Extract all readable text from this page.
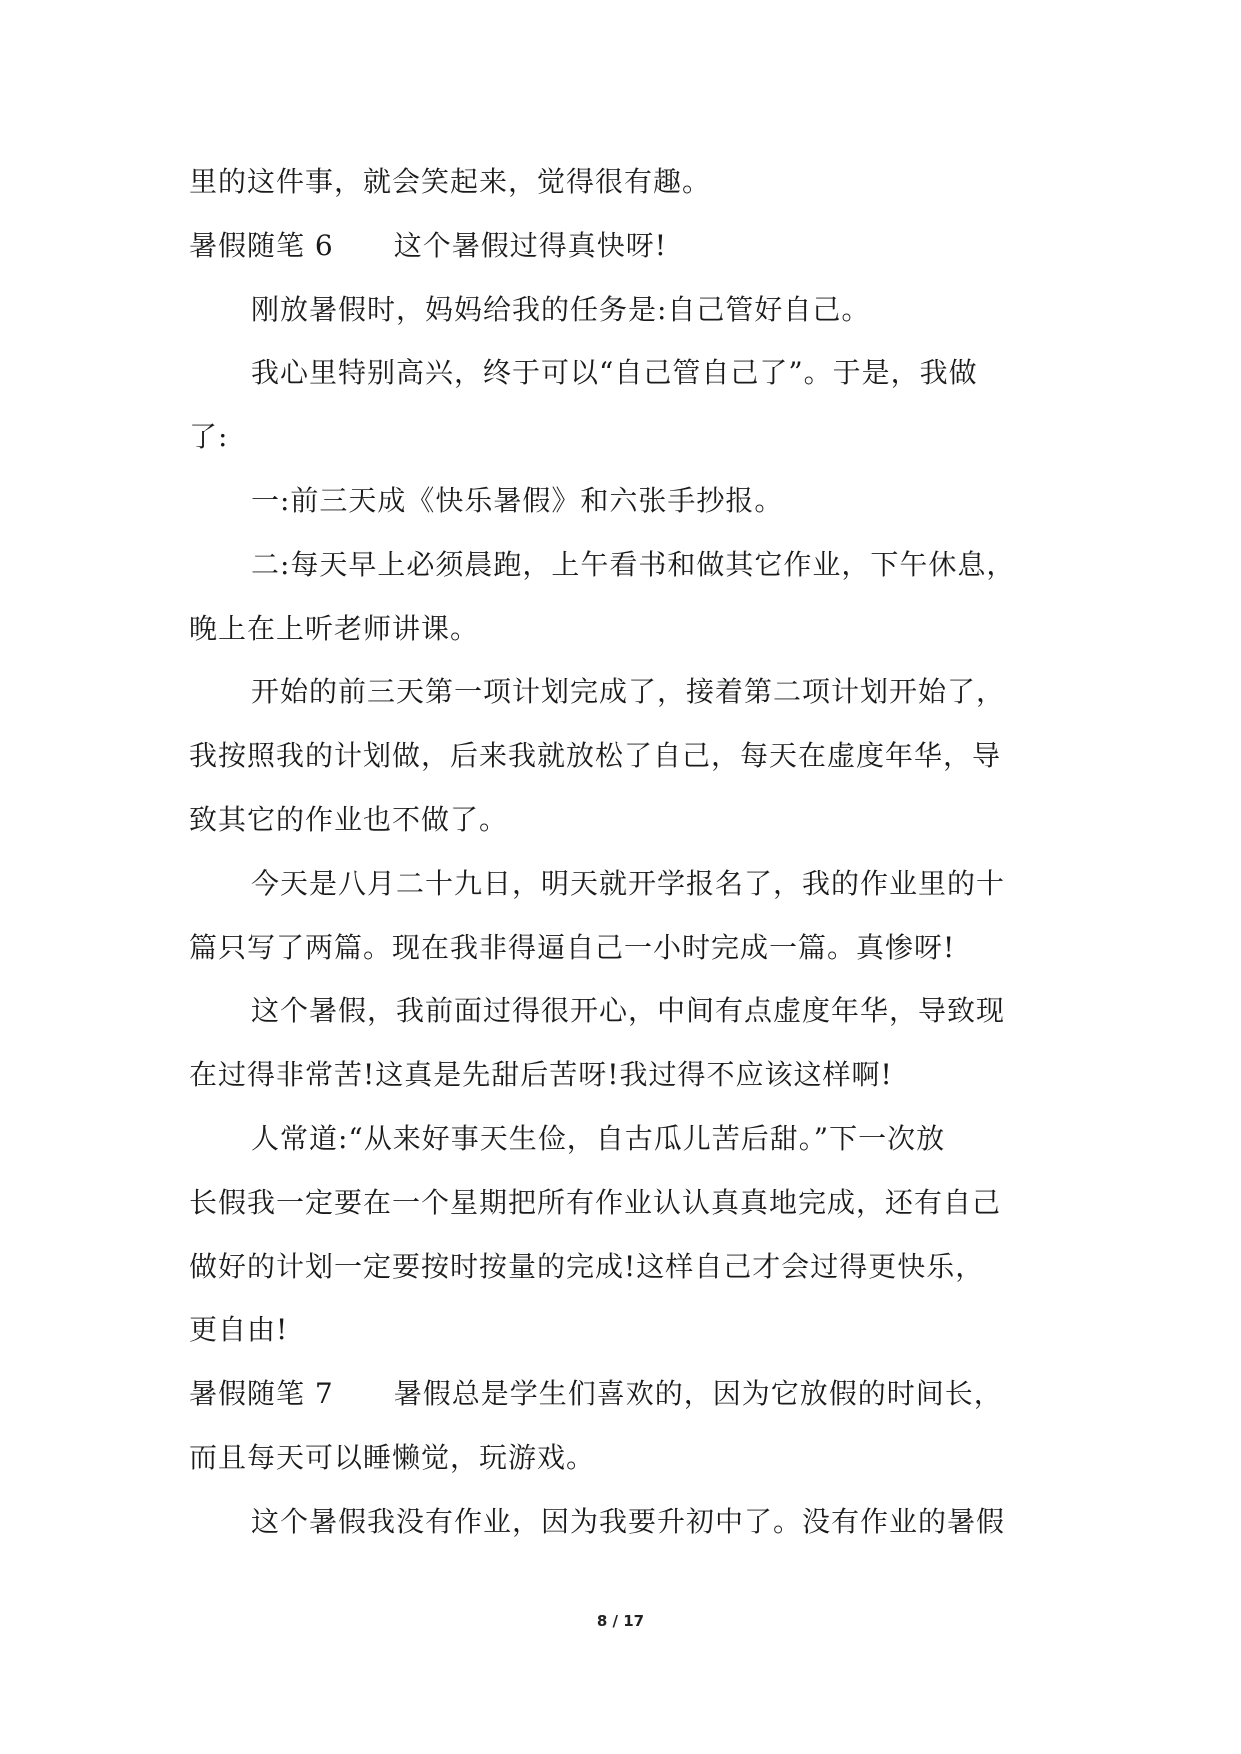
里的这件事，就会笑起来，觉得很有趣。
暑假随笔 6 这个暑假过得真快呀!
刚放暑假时，妈妈给我的任务是:自己管好自己。
我心里特别高兴，终于可以“自己管自己了”。于是，我做
了:
一:前三天成《快乐暑假》和六张手抄报。
二:每天早上必须晨跑，上午看书和做其它作业，下午休息，
晚上在上听老师讲课。
开始的前三天第一项计划完成了，接着第二项计划开始了，
我按照我的计划做，后来我就放松了自己，每天在虚度年华，导
致其它的作业也不做了。
今天是八月二十九日，明天就开学报名了，我的作业里的十
篇只写了两篇。现在我非得逼自己一小时完成一篇。真惨呀!
这个暑假，我前面过得很开心，中间有点虚度年华，导致现
在过得非常苦!这真是先甜后苦呀!我过得不应该这样啊!
人常道:“从来好事天生俭，自古瓜儿苦后甜。”下一次放
长假我一定要在一个星期把所有作业认认真真地完成，还有自己
做好的计划一定要按时按量的完成!这样自己才会过得更快乐，
更自由!
暑假随笔 7 暑假总是学生们喜欢的，因为它放假的时间长，
而且每天可以睡懒觉，玩游戏。
这个暑假我没有作业，因为我要升初中了。没有作业的暑假
8 / 17
